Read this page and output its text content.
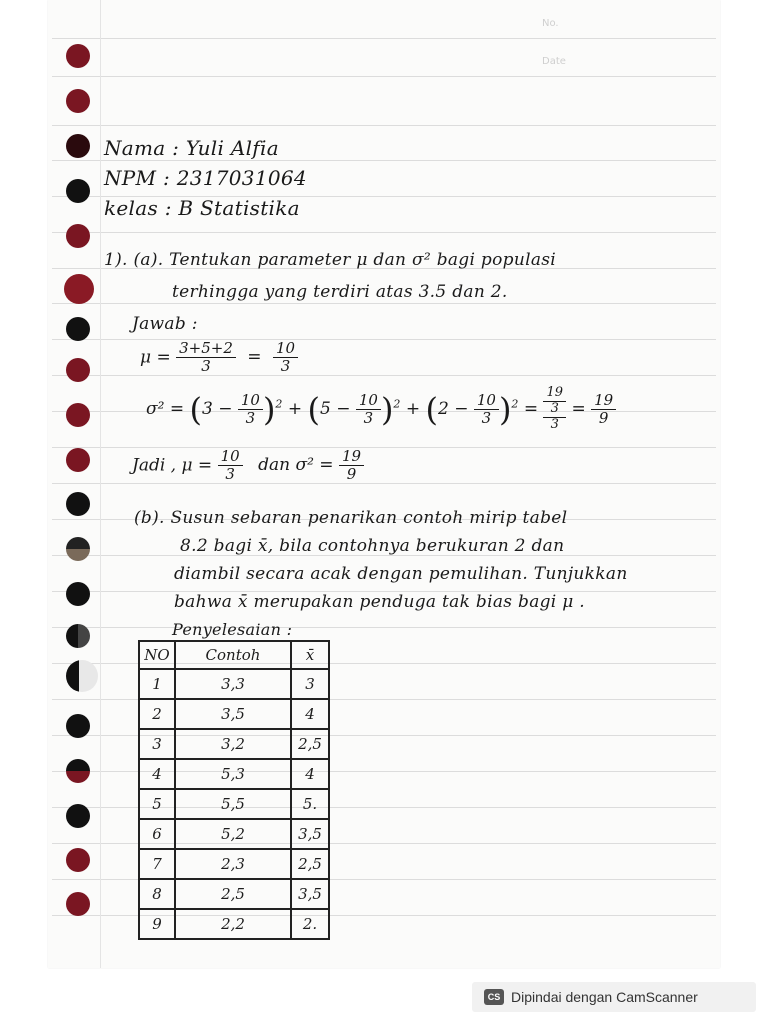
No.
Date
Nama : Yuli Alfia
NPM : 2317031064
kelas : B Statistika
1). (a). Tentukan parameter μ dan σ² bagi populasi
terhingga yang terdiri atas 3.5 dan 2.
Jawab :
$\mu = \frac{3+5+2}{3} = \frac{10}{3}$
$\sigma^2 = (3 - \frac{10}{3} )^2 + (5 - \frac{10}{3} )^2 + (2 - \frac{10}{3} )^2$ =
19
3
3
= $\frac{19}{9}$
Jadi , $\mu = \frac{10}{3}$ dan $\sigma^2 = \frac{19}{9}$
(b). Susun sebaran penarikan contoh mirip tabel
8.2 bagi x̄, bila contohnya berukuran 2 dan
diambil secara acak dengan pemulihan. Tunjukkan
bahwa x̄ merupakan penduga tak bias bagi μ .
Penyelesaian :
NO	Contoh	x̄
1	3,3	3
2	3,5	4
3	3,2	2,5
4	5,3	4
5	5,5	5.
6	5,2	3,5
7	2,3	2,5
8	2,5	3,5
9	2,2	2.
CS Dipindai dengan CamScanner
